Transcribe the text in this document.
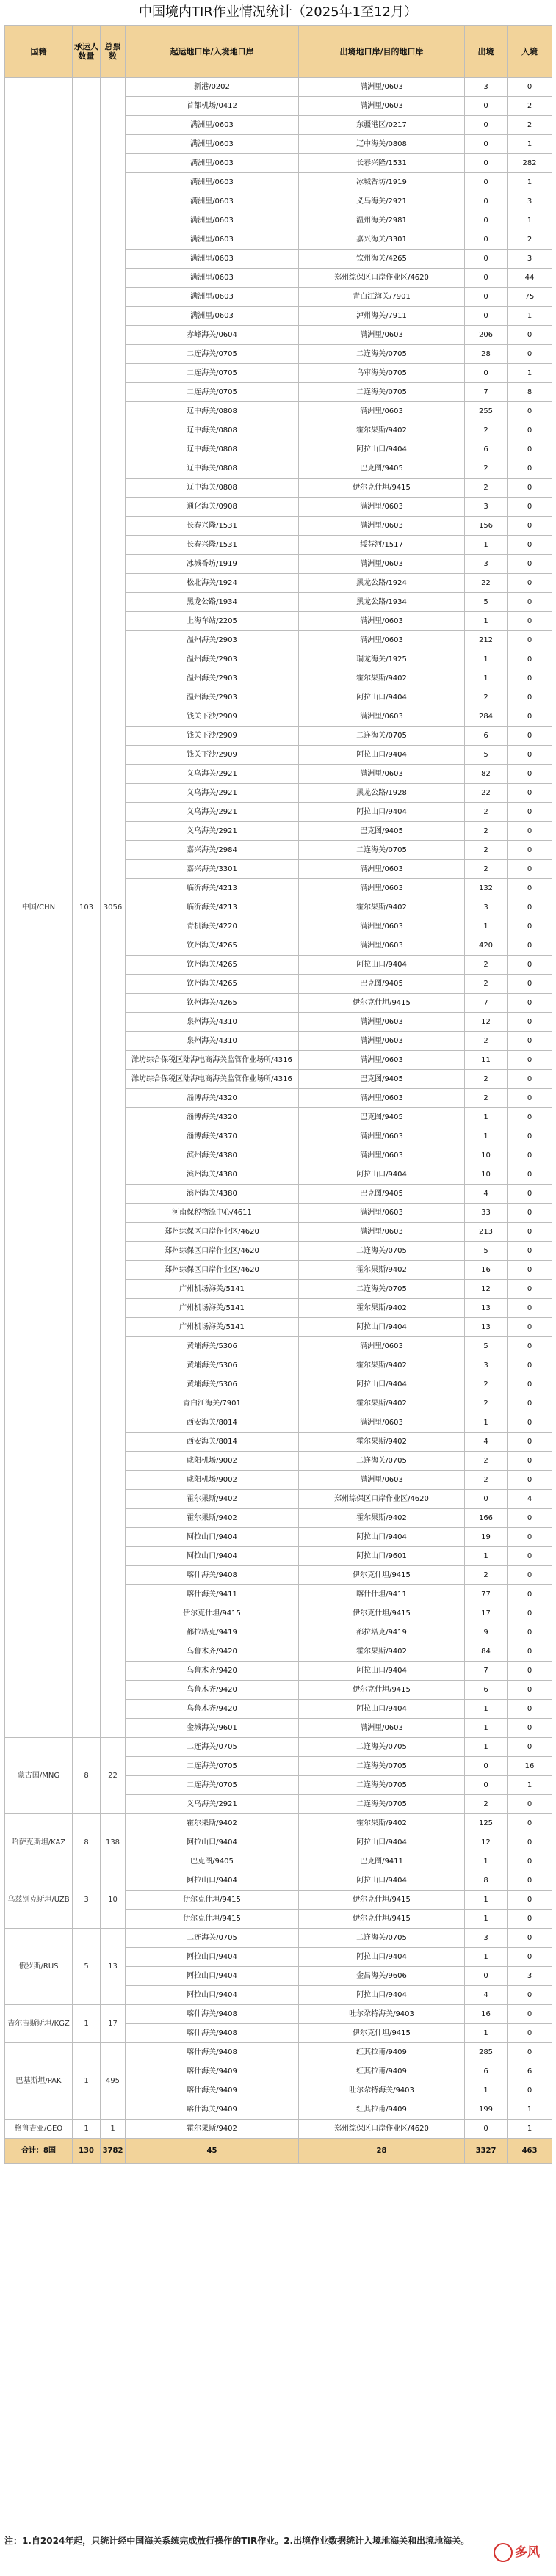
中国境内TIR作业情况统计（2025年1至12月）
国籍	承运人数量	总票数	起运地口岸/入境地口岸	出境地口岸/目的地口岸	出境	入境
中国/CHN	103	3056	新港/0202	满洲里/0603	3	0
			首都机场/0412	满洲里/0603	0	2
			满洲里/0603	东疆港区/0217	0	2
			满洲里/0603	辽中海关/0808	0	1
			满洲里/0603	长春兴隆/1531	0	282
			满洲里/0603	冰城香坊/1919	0	1
			满洲里/0603	义乌海关/2921	0	3
			满洲里/0603	温州海关/2981	0	1
			满洲里/0603	嘉兴海关/3301	0	2
			满洲里/0603	钦州海关/4265	0	3
			满洲里/0603	郑州综保区口岸作业区/4620	0	44
			满洲里/0603	青白江海关/7901	0	75
			满洲里/0603	泸州海关/7911	0	1
			赤峰海关/0604	满洲里/0603	206	0
			二连海关/0705	二连海关/0705	28	0
			二连海关/0705	乌审海关/0705	0	1
			二连海关/0705	二连海关/0705	7	8
			辽中海关/0808	满洲里/0603	255	0
			辽中海关/0808	霍尔果斯/9402	2	0
			辽中海关/0808	阿拉山口/9404	6	0
			辽中海关/0808	巴克图/9405	2	0
			辽中海关/0808	伊尔克什坦/9415	2	0
			通化海关/0908	满洲里/0603	3	0
			长春兴隆/1531	满洲里/0603	156	0
			长春兴隆/1531	绥芬河/1517	1	0
			冰城香坊/1919	满洲里/0603	3	0
			松北海关/1924	黑龙公路/1924	22	0
			黑龙公路/1934	黑龙公路/1934	5	0
			上海车站/2205	满洲里/0603	1	0
			温州海关/2903	满洲里/0603	212	0
			温州海关/2903	瑞龙海关/1925	1	0
			温州海关/2903	霍尔果斯/9402	1	0
			温州海关/2903	阿拉山口/9404	2	0
			钱关下沙/2909	满洲里/0603	284	0
			钱关下沙/2909	二连海关/0705	6	0
			钱关下沙/2909	阿拉山口/9404	5	0
			义乌海关/2921	满洲里/0603	82	0
			义乌海关/2921	黑龙公路/1928	22	0
			义乌海关/2921	阿拉山口/9404	2	0
			义乌海关/2921	巴克图/9405	2	0
			嘉兴海关/2984	二连海关/0705	2	0
			嘉兴海关/3301	满洲里/0603	2	0
			临沂海关/4213	满洲里/0603	132	0
			临沂海关/4213	霍尔果斯/9402	3	0
			青机海关/4220	满洲里/0603	1	0
			钦州海关/4265	满洲里/0603	420	0
			钦州海关/4265	阿拉山口/9404	2	0
			钦州海关/4265	巴克图/9405	2	0
			钦州海关/4265	伊尔克什坦/9415	7	0
			泉州海关/4310	满洲里/0603	12	0
			泉州海关/4310	满洲里/0603	2	0
			潍坊综合保税区陆海电商海关监管作业场所/4316	满洲里/0603	11	0
			潍坊综合保税区陆海电商海关监管作业场所/4316	巴克图/9405	2	0
			淄博海关/4320	满洲里/0603	2	0
			淄博海关/4320	巴克图/9405	1	0
			淄博海关/4370	满洲里/0603	1	0
			滨州海关/4380	满洲里/0603	10	0
			滨州海关/4380	阿拉山口/9404	10	0
			滨州海关/4380	巴克图/9405	4	0
			河南保税物流中心/4611	满洲里/0603	33	0
			郑州综保区口岸作业区/4620	满洲里/0603	213	0
			郑州综保区口岸作业区/4620	二连海关/0705	5	0
			郑州综保区口岸作业区/4620	霍尔果斯/9402	16	0
			广州机场海关/5141	二连海关/0705	12	0
			广州机场海关/5141	霍尔果斯/9402	13	0
			广州机场海关/5141	阿拉山口/9404	13	0
			黄埔海关/5306	满洲里/0603	5	0
			黄埔海关/5306	霍尔果斯/9402	3	0
			黄埔海关/5306	阿拉山口/9404	2	0
			青白江海关/7901	霍尔果斯/9402	2	0
			西安海关/8014	满洲里/0603	1	0
			西安海关/8014	霍尔果斯/9402	4	0
			咸阳机场/9002	二连海关/0705	2	0
			咸阳机场/9002	满洲里/0603	2	0
			霍尔果斯/9402	郑州综保区口岸作业区/4620	0	4
			霍尔果斯/9402	霍尔果斯/9402	166	0
			阿拉山口/9404	阿拉山口/9404	19	0
			阿拉山口/9404	阿拉山口/9601	1	0
			喀什海关/9408	伊尔克什坦/9415	2	0
			喀什海关/9411	喀什什坦/9411	77	0
			伊尔克什坦/9415	伊尔克什坦/9415	17	0
			都拉塔克/9419	都拉塔克/9419	9	0
			乌鲁木齐/9420	霍尔果斯/9402	84	0
			乌鲁木齐/9420	阿拉山口/9404	7	0
			乌鲁木齐/9420	伊尔克什坦/9415	6	0
			乌鲁木齐/9420	阿拉山口/9404	1	0
			金城海关/9601	满洲里/0603	1	0
蒙古国/MNG	8	22	二连海关/0705	二连海关/0705	1	0
			二连海关/0705	二连海关/0705	0	16
			二连海关/0705	二连海关/0705	0	1
			义乌海关/2921	二连海关/0705	2	0
哈萨克斯坦/KAZ	8	138	霍尔果斯/9402	霍尔果斯/9402	125	0
			阿拉山口/9404	阿拉山口/9404	12	0
			巴克图/9405	巴克图/9411	1	0
乌兹别克斯坦/UZB	3	10	阿拉山口/9404	阿拉山口/9404	8	0
			伊尔克什坦/9415	伊尔克什坦/9415	1	0
			伊尔克什坦/9415	伊尔克什坦/9415	1	0
俄罗斯/RUS	5	13	二连海关/0705	二连海关/0705	3	0
			阿拉山口/9404	阿拉山口/9404	1	0
			阿拉山口/9404	金昌海关/9606	0	3
			阿拉山口/9404	阿拉山口/9404	4	0
吉尔吉斯斯坦/KGZ	1	17	喀什海关/9408	吐尔尕特海关/9403	16	0
			喀什海关/9408	伊尔克什坦/9415	1	0
巴基斯坦/PAK	1	495	喀什海关/9408	红其拉甫/9409	285	0
			喀什海关/9409	红其拉甫/9409	6	6
			喀什海关/9409	吐尔尕特海关/9403	1	0
			喀什海关/9409	红其拉甫/9409	199	1
格鲁吉亚/GEO	1	1	霍尔果斯/9402	郑州综保区口岸作业区/4620	0	1
合计：8国	130	3782	45	28	3327	463
注：1.自2024年起，只统计经中国海关系统完成放行操作的TIR作业。2.出境作业数据统计入境地海关和出境地海关。
多风
